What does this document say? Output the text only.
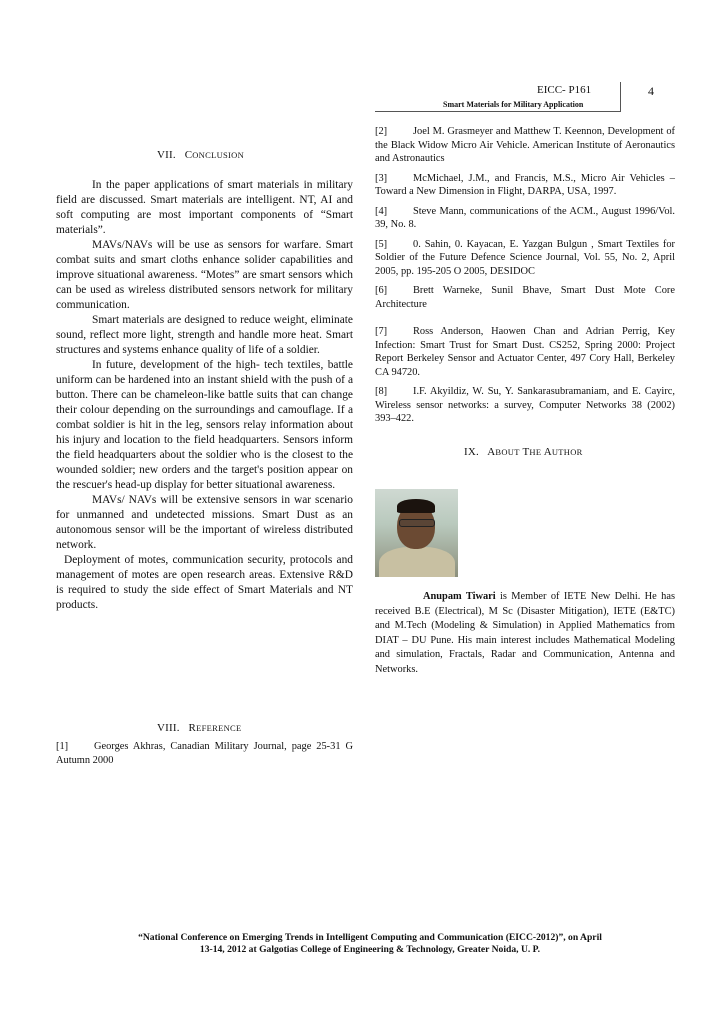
EICC- P161	4
Smart Materials for Military Application
VII. CONCLUSION

In the paper applications of smart materials in military field are discussed. Smart materials are intelligent. NT, AI and soft computing are most important components of “Smart materials”.

MAVs/NAVs will be use as sensors for warfare. Smart combat suits and smart cloths enhance solider capabilities and improve situational awareness. “Motes” are smart sensors which can be used as wireless distributed sensors network for military communication.

Smart materials are designed to reduce weight, eliminate sound, reflect more light, strength and handle more heat. Smart structures and systems enhance quality of life of a soldier.

In future, development of the high- tech textiles, battle uniform can be hardened into an instant shield with the push of a button. There can be chameleon-like battle suits that can change their colour depending on the surroundings and camouflage. If a combat soldier is hit in the leg, sensors relay information about his injury and location to the field headquarters. Sensors inform the field headquarters about the soldier who is the closest to the wounded soldier; new orders and the target's position appear on the rescuer's head-up display for better situational awareness.

MAVs/ NAVs will be extensive sensors in war scenario for unmanned and undetected missions. Smart Dust as an autonomous sensor will be the important of wireless distributed network.

Deployment of motes, communication security, protocols and management of motes are open research areas. Extensive R&D is required to study the side effect of Smart Materials and NT products.

VIII. REFERENCE

[1] Georges Akhras, Canadian Military Journal, page 25-31 G Autumn 2000

[2] Joel M. Grasmeyer and Matthew T. Keennon, Development of the Black Widow Micro Air Vehicle. American Institute of Aeronautics and Astronautics

[3] McMichael, J.M., and Francis, M.S., Micro Air Vehicles – Toward a New Dimension in Flight, DARPA, USA, 1997.

[4] Steve Mann, communications of the ACM., August 1996/Vol. 39, No. 8.

[5] 0. Sahin, 0. Kayacan, E. Yazgan Bulgun , Smart Textiles for Soldier of the Future Defence Science Journal, Vol. 55, No. 2, April 2005, pp. 195-205 O 2005, DESIDOC

[6] Brett Warneke, Sunil Bhave, Smart Dust Mote Core Architecture

[7] Ross Anderson, Haowen Chan and Adrian Perrig, Key Infection: Smart Trust for Smart Dust. CS252, Spring 2000: Project Report Berkeley Sensor and Actuator Center, 497 Cory Hall, Berkeley CA 94720.

[8] I.F. Akyildiz, W. Su, Y. Sankarasubramaniam, and E. Cayirc, Wireless sensor networks: a survey, Computer Networks 38 (2002) 393–422.

IX. ABOUT THE AUTHOR

Anupam Tiwari is Member of IETE New Delhi. He has received B.E (Electrical), M Sc (Disaster Mitigation), IETE (E&TC) and M.Tech (Modeling & Simulation) in Applied Mathematics from DIAT – DU Pune. His main interest includes Mathematical Modeling and simulation, Fractals, Radar and Communication, Antenna and Networks.

“National Conference on Emerging Trends in Intelligent Computing and Communication (EICC-2012)”, on April
13-14, 2012 at Galgotias College of Engineering & Technology, Greater Noida, U. P.
